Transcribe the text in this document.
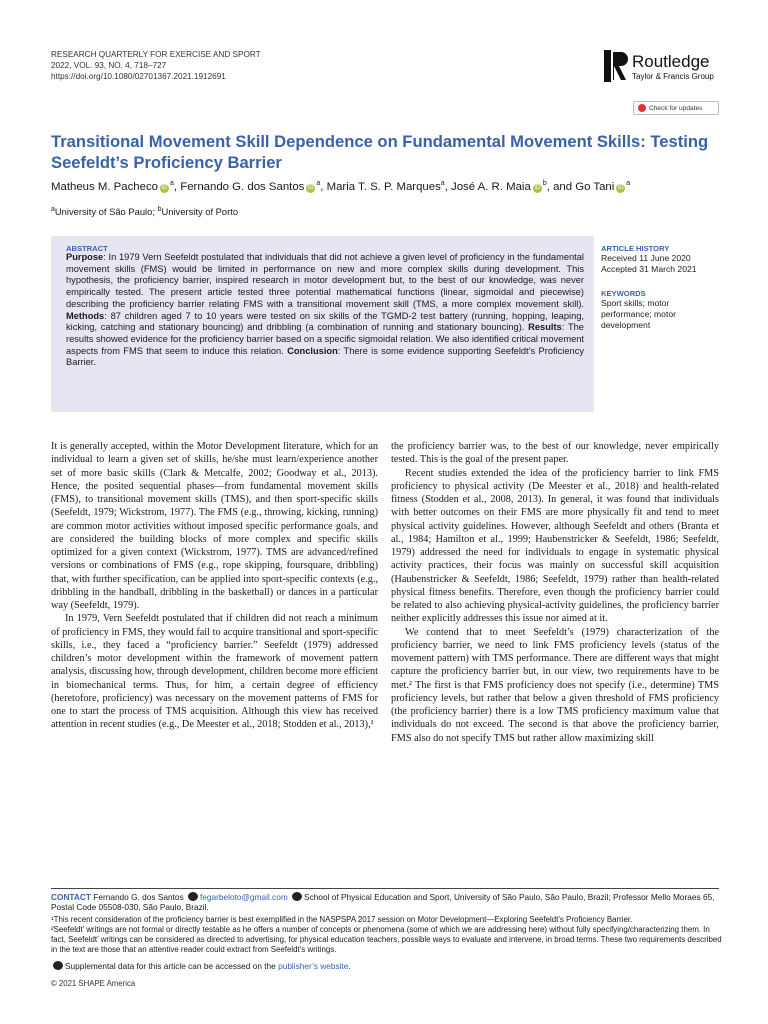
RESEARCH QUARTERLY FOR EXERCISE AND SPORT
2022, VOL. 93, NO. 4, 718–727
https://doi.org/10.1080/02701367.2021.1912691
Routledge
Taylor & Francis Group
Check for updates
Transitional Movement Skill Dependence on Fundamental Movement Skills: Testing Seefeldt’s Proficiency Barrier
Matheus M. Pacheco $iD^a$, Fernando G. dos Santos $iD^a$, Maria T. S. P. Marques$^a$, José A. R. Maia $iD^b$, and Go Tani $iD^a$
$^a$University of São Paulo; $^b$University of Porto
ABSTRACT
Purpose: In 1979 Vern Seefeldt postulated that individuals that did not achieve a given level of proficiency in the fundamental movement skills (FMS) would be limited in performance on new and more complex skills during development. This hypothesis, the proficiency barrier, inspired research in motor development but, to the best of our knowledge, was never empirically tested. The present article tested three potential mathematical functions (linear, sigmoidal and piecewise) describing the proficiency barrier relating FMS with a transitional movement skill (TMS, a more complex movement skill). Methods: 87 children aged 7 to 10 years were tested on six skills of the TGMD-2 test battery (running, hopping, leaping, kicking, catching and stationary bouncing) and dribbling (a combination of running and stationary bouncing). Results: The results showed evidence for the proficiency barrier based on a specific sigmoidal relation. We also identified critical movement aspects from FMS that seem to induce this relation. Conclusion: There is some evidence supporting Seefeldt’s Proficiency Barrier.
ARTICLE HISTORY
Received 11 June 2020
Accepted 31 March 2021
KEYWORDS
Sport skills; motor performance; motor development

It is generally accepted, within the Motor Development literature, which for an individual to learn a given set of skills, he/she must learn/experience another set of more basic skills (Clark & Metcalfe, 2002; Goodway et al., 2013). Hence, the posited sequential phases—from fundamental movement skills (FMS), to transitional movement skills (TMS), and then sport-specific skills (Seefeldt, 1979; Wickstrom, 1977). The FMS (e.g., throwing, kicking, running) are common motor activities without imposed specific performance goals, and are considered the building blocks of more complex and specific skills optimized for a given context (Wickstrom, 1977). TMS are advanced/refined versions or combinations of FMS (e.g., rope skipping, foursquare, dribbling) that, with further specification, can be applied into sport-specific contexts (e.g., dribbling in the handball, dribbling in the basketball) or dances in a particular way (Seefeldt, 1979).

In 1979, Vern Seefeldt postulated that if children did not reach a minimum of proficiency in FMS, they would fail to acquire transitional and sport-specific skills, i.e., they faced a “proficiency barrier.” Seefeldt (1979) addressed children’s motor development within the framework of movement pattern analysis, discussing how, through development, children become more efficient in biomechanical terms. Thus, for him, a certain degree of efficiency (heretofore, proficiency) was necessary on the movement patterns of FMS for one to start the process of TMS acquisition. Although this view has received attention in recent studies (e.g., De Meester et al., 2018; Stodden et al., 2013),¹

the proficiency barrier was, to the best of our knowledge, never empirically tested. This is the goal of the present paper.

Recent studies extended the idea of the proficiency barrier to link FMS proficiency to physical activity (De Meester et al., 2018) and health-related fitness (Stodden et al., 2008, 2013). In general, it was found that individuals with better outcomes on their FMS are more physically fit and tend to meet physical activity guidelines. However, although Seefeldt and others (Branta et al., 1984; Hamilton et al., 1999; Haubenstricker & Seefeldt, 1986; Seefeldt, 1979) addressed the need for individuals to engage in systematic physical activity practices, their focus was mainly on successful skill acquisition (Haubenstricker & Seefeldt, 1986; Seefeldt, 1979) rather than health-related physical fitness benefits. Therefore, even though the proficiency barrier could be related to also achieving physical-activity guidelines, the proficiency barrier neither explicitly addresses this issue nor aimed at it.

We contend that to meet Seefeldt’s (1979) characterization of the proficiency barrier, we need to link FMS proficiency levels (status of the movement pattern) with TMS performance. There are different ways that might capture the proficiency barrier but, in our view, two requirements have to be met.² The first is that FMS proficiency does not specify (i.e., determine) TMS proficiency levels, but rather that below a given threshold of FMS proficiency (the proficiency barrier) there is a low TMS proficiency maximum value that individuals do not exceed. The second is that above the proficiency barrier, FMS also do not specify TMS but rather allow maximizing skill

CONTACT Fernando G. dos Santos fegarbeloto@gmail.com School of Physical Education and Sport, University of São Paulo, São Paulo, Brazil; Professor Mello Moraes 65, Postal Code 05508-030, São Paulo, Brazil.
¹This recent consideration of the proficiency barrier is best exemplified in the NASPSPA 2017 session on Motor Development—Exploring Seefeldt’s Proficiency Barrier.
²Seefeldt’ writings are not formal or directly testable as he offers a number of concepts or phenomena (some of which we are addressing here) without fully specifying/characterizing them. In fact, Seefeldt’ writings can be considered as directed to advertising, for physical education teachers, possible ways to evaluate and intervene, in broad terms. These two requirements described in the text are those that an attentive reader could extract from Seefeldt’s writings.
Supplemental data for this article can be accessed on the publisher’s website.
© 2021 SHAPE America
